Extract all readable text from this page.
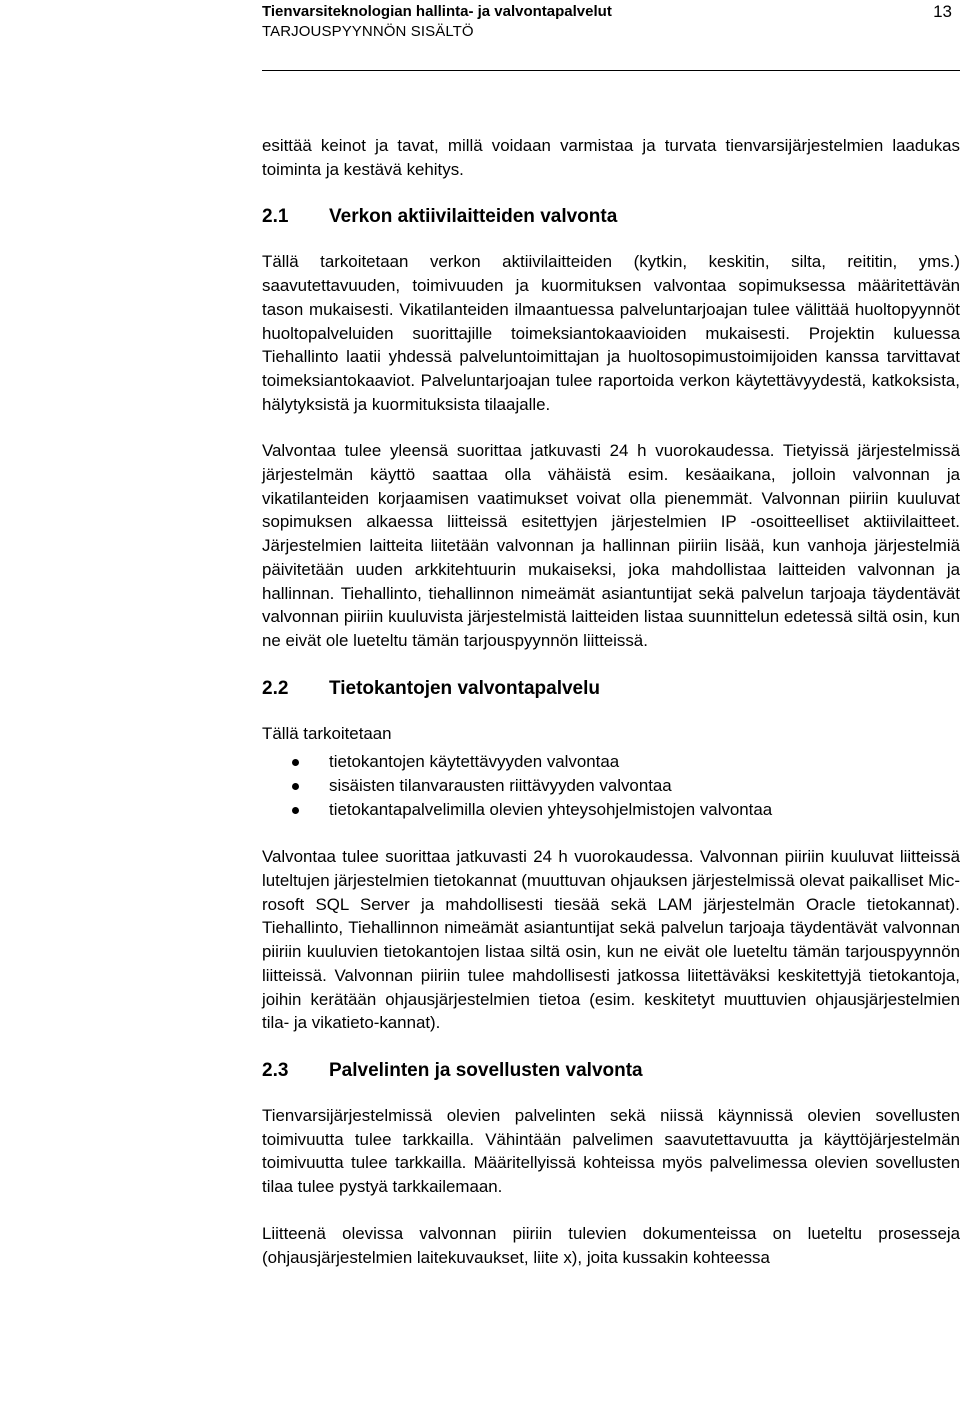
Tienvarsiteknologian hallinta- ja valvontapalvelut
TARJOUSPYYNNÖN SISÄLTÖ
13

esittää keinot ja tavat, millä voidaan varmistaa ja turvata tienvarsijärjestelmien laadukas toiminta ja kestävä kehitys.

2.1	Verkon aktiivilaitteiden valvonta

Tällä tarkoitetaan verkon aktiivilaitteiden (kytkin, keskitin, silta, reititin, yms.) saavutettavuuden, toimivuuden ja kuormituksen valvontaa sopimuksessa määritettävän tason mukaisesti. Vikatilanteiden ilmaantuessa palveluntarjoajan tulee välittää huoltopyynnöt huoltopalveluiden suorittajille toimeksiantokaavioiden mukaisesti. Projektin kuluessa Tiehallinto laatii yhdessä palveluntoimittajan ja huoltosopimustoimijoiden kanssa tarvittavat toimeksiantokaaviot. Palveluntarjoajan tulee raportoida verkon käytettävyydestä, katkoksista, hälytyksistä ja kuormituksista tilaajalle.

Valvontaa tulee yleensä suorittaa jatkuvasti 24 h vuorokaudessa. Tietyissä järjestelmissä järjestelmän käyttö saattaa olla vähäistä esim. kesäaikana, jolloin valvonnan ja vikatilanteiden korjaamisen vaatimukset voivat olla pienemmät. Valvonnan piiriin kuuluvat sopimuksen alkaessa liitteissä esitettyjen järjestelmien IP -osoitteelliset aktiivilaitteet. Järjestelmien laitteita liitetään valvonnan ja hallinnan piiriin lisää, kun vanhoja järjestelmiä päivitetään uuden arkkitehtuurin mukaiseksi, joka mahdollistaa laitteiden valvonnan ja hallinnan. Tiehallinto, tiehallinnon nimeämät asiantuntijat sekä palvelun tarjoaja täydentävät valvonnan piiriin kuuluvista järjestelmistä laitteiden listaa suunnittelun edetessä siltä osin, kun ne eivät ole lueteltu tämän tarjouspyynnön liitteissä.

2.2	Tietokantojen valvontapalvelu

Tällä tarkoitetaan

tietokantojen käytettävyyden valvontaa
sisäisten tilanvarausten riittävyyden valvontaa
tietokantapalvelimilla olevien yhteysohjelmistojen valvontaa

Valvontaa tulee suorittaa jatkuvasti 24 h vuorokaudessa. Valvonnan piiriin kuuluvat liitteissä luteltujen järjestelmien tietokannat (muuttuvan ohjauksen järjestelmissä olevat paikalliset Mic-rosoft SQL Server ja mahdollisesti tiesää sekä LAM järjestelmän Oracle tietokannat). Tiehallinto, Tiehallinnon nimeämät asiantuntijat sekä palvelun tarjoaja täydentävät valvonnan piiriin kuuluvien tietokantojen listaa siltä osin, kun ne eivät ole lueteltu tämän tarjouspyynnön liitteissä. Valvonnan piiriin tulee mahdollisesti jatkossa liitettäväksi keskitettyjä tietokantoja, joihin kerätään ohjausjärjestelmien tietoa (esim. keskitetyt muuttuvien ohjausjärjestelmien tila- ja vikatieto-kannat).

2.3	Palvelinten ja sovellusten valvonta

Tienvarsijärjestelmissä olevien palvelinten sekä niissä käynnissä olevien sovellusten toimivuutta tulee tarkkailla. Vähintään palvelimen saavutettavuutta ja käyttöjärjestelmän toimivuutta tulee tarkkailla. Määritellyissä kohteissa myös palvelimessa olevien sovellusten tilaa tulee pystyä tarkkailemaan.

Liitteenä olevissa valvonnan piiriin tulevien dokumenteissa on lueteltu prosesseja (ohjausjärjestelmien laitekuvaukset, liite x), joita kussakin kohteessa
